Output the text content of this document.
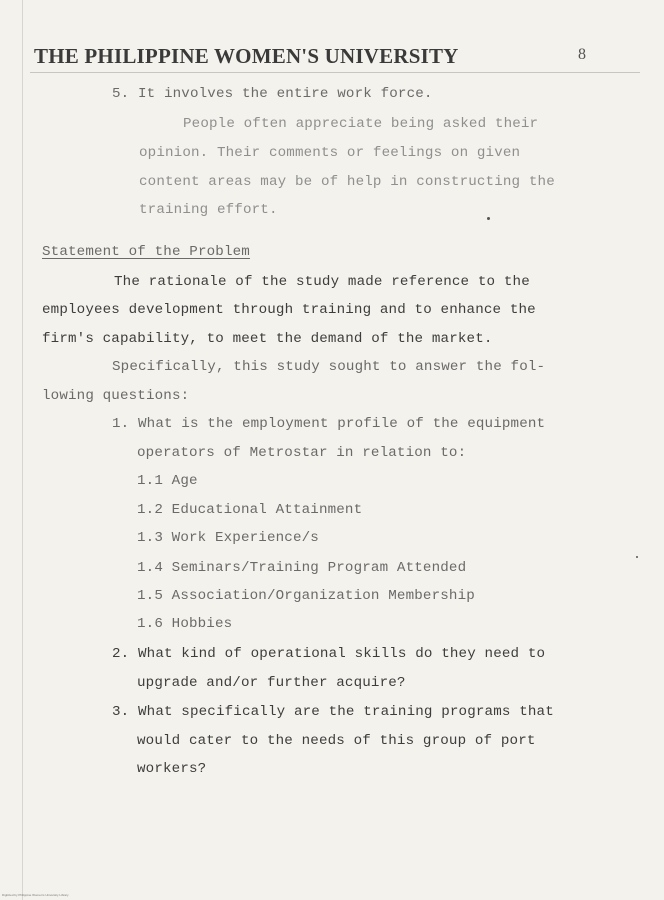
THE PHILIPPINE WOMEN'S UNIVERSITY	8
5. It involves the entire work force.
People often appreciate being asked their
opinion. Their comments or feelings on given
content areas may be of help in constructing the
training effort.
Statement of the Problem
The rationale of the study made reference to the
employees development through training and to enhance the
firm's capability, to meet the demand of the market.
Specifically, this study sought to answer the fol-
lowing questions:
1. What is the employment profile of the equipment
operators of Metrostar in relation to:
1.1 Age
1.2 Educational Attainment
1.3 Work Experience/s
1.4 Seminars/Training Program Attended
1.5 Association/Organization Membership
1.6 Hobbies
2. What kind of operational skills do they need to
upgrade and/or further acquire?
3. What specifically are the training programs that
would cater to the needs of this group of port
workers?
Digitized by Philippine Women's University Library
